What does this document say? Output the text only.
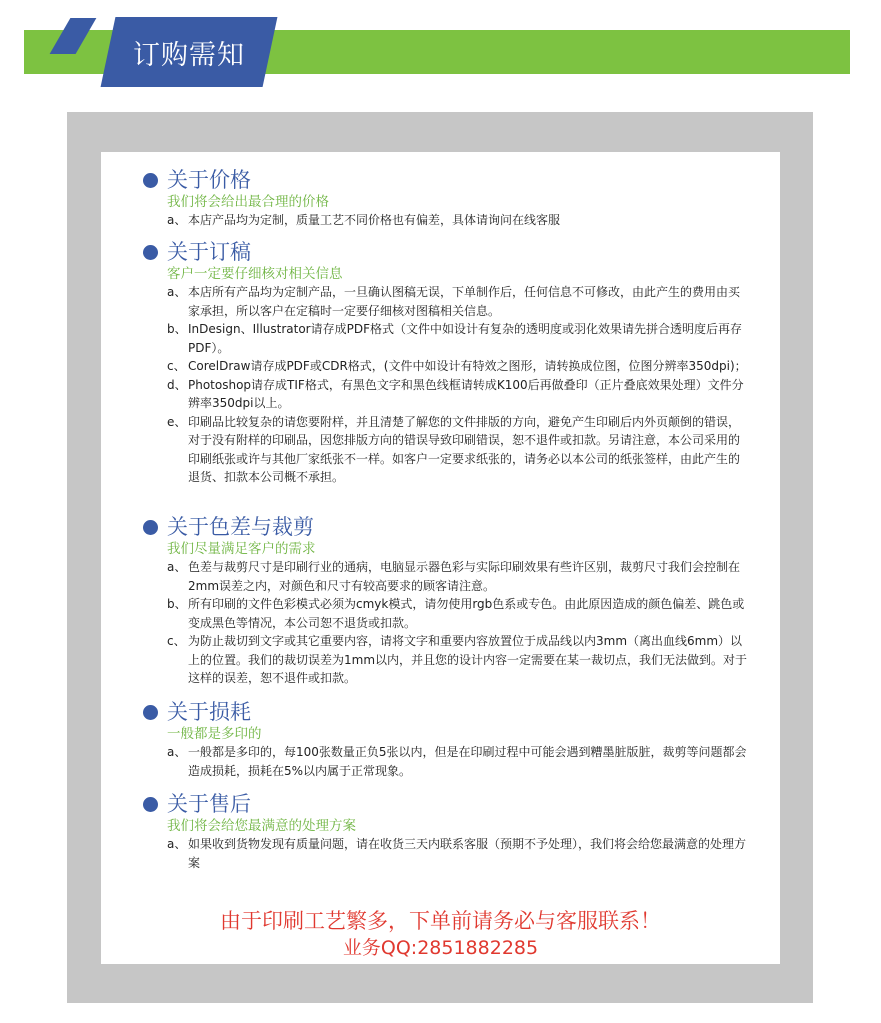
订购需知
关于价格
我们将会给出最合理的价格
a、 本店产品均为定制，质量工艺不同价格也有偏差，具体请询问在线客服
关于订稿
客户一定要仔细核对相关信息
a、 本店所有产品均为定制产品，一旦确认图稿无误，下单制作后，任何信息不可修改，由此产生的费用由买家承担，所以客户在定稿时一定要仔细核对图稿相关信息。
b、 InDesign、Illustrator请存成PDF格式（文件中如设计有复杂的透明度或羽化效果请先拼合透明度后再存PDF）。
c、 CorelDraw请存成PDF或CDR格式，(文件中如设计有特效之图形，请转换成位图，位图分辨率350dpi)；
d、 Photoshop请存成TIF格式，有黑色文字和黑色线框请转成K100后再做叠印（正片叠底效果处理）文件分辨率350dpi以上。
e、 印刷品比较复杂的请您要附样，并且清楚了解您的文件排版的方向，避免产生印刷后内外页颠倒的错误，对于没有附样的印刷品，因您排版方向的错误导致印刷错误，恕不退件或扣款。另请注意，本公司采用的印刷纸张或许与其他厂家纸张不一样。如客户一定要求纸张的，请务必以本公司的纸张签样，由此产生的退货、扣款本公司概不承担。
关于色差与裁剪
我们尽量满足客户的需求
a、 色差与裁剪尺寸是印刷行业的通病，电脑显示器色彩与实际印刷效果有些许区别，裁剪尺寸我们会控制在2mm误差之内，对颜色和尺寸有较高要求的顾客请注意。
b、 所有印刷的文件色彩模式必须为cmyk模式，请勿使用rgb色系或专色。由此原因造成的颜色偏差、跳色或变成黑色等情况，本公司恕不退货或扣款。
c、 为防止裁切到文字或其它重要内容，请将文字和重要内容放置位于成品线以内3mm（离出血线6mm）以上的位置。我们的裁切误差为1mm以内，并且您的设计内容一定需要在某一裁切点，我们无法做到。对于这样的误差，恕不退件或扣款。
关于损耗
一般都是多印的
a、 一般都是多印的，每100张数量正负5张以内，但是在印刷过程中可能会遇到糟墨脏版脏，裁剪等问题都会造成损耗，损耗在5%以内属于正常现象。
关于售后
我们将会给您最满意的处理方案
a、 如果收到货物发现有质量问题，请在收货三天内联系客服（预期不予处理），我们将会给您最满意的处理方案
由于印刷工艺繁多，下单前请务必与客服联系！
业务QQ:2851882285
